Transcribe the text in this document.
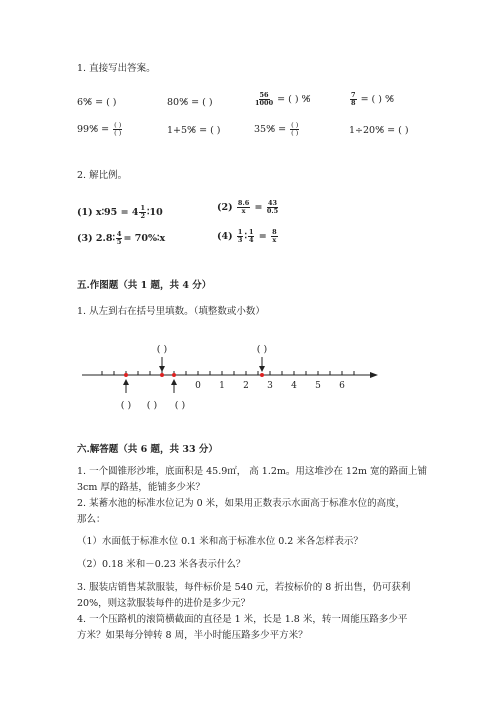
1. 直接写出答案。
6%̸ = ( )	80%̸ = ( )	$\frac{56}{1000}$ = ( ) %̸	$\frac{7}{8}$ = ( ) %̸
99%̸ = $\frac{( )}{( )}$	1+5%̸ = ( )	35%̸ = $\frac{( )}{( )}$	1÷20%̸ = ( )
2. 解比例。
(1) x∶95 = $4 \frac{1}{2}$ ∶10	$(2) \frac{8.6}{x} = \frac{43}{0.5}$
(3) 2.8∶ $\frac{4}{5}$ = 70%∶x	$(4) \frac{1}{3}$ ∶ $\frac{1}{4} = \frac{8}{x}$
五.作图题（共 1 题，共 4 分）
1. 从左到右在括号里填数。（填整数或小数）
0 1 2 3 4 5 6
( )	( )
( ) ( ) ( )
六.解答题（共 6 题，共 33 分）
1. 一个圆锥形沙堆，底面积是 45.9㎡， 高 1.2m。用这堆沙在 12m 宽的路面上铺
3cm 厚的路基，能铺多少米？
2. 某蓄水池的标准水位记为 0 米，如果用正数表示水面高于标准水位的高度，
那么：
（1）水面低于标准水位 0.1 米和高于标准水位 0.2 米各怎样表示？
（2）0.18 米和－0.23 米各表示什么？
3. 服装店销售某款服装，每件标价是 540 元，若按标价的 8 折出售，仍可获利
20%，则这款服装每件的进价是多少元？
4. 一个压路机的滚筒横截面的直径是 1 米，长是 1.8 米，转一周能压路多少平
方米？如果每分钟转 8 周，半小时能压路多少平方米？
